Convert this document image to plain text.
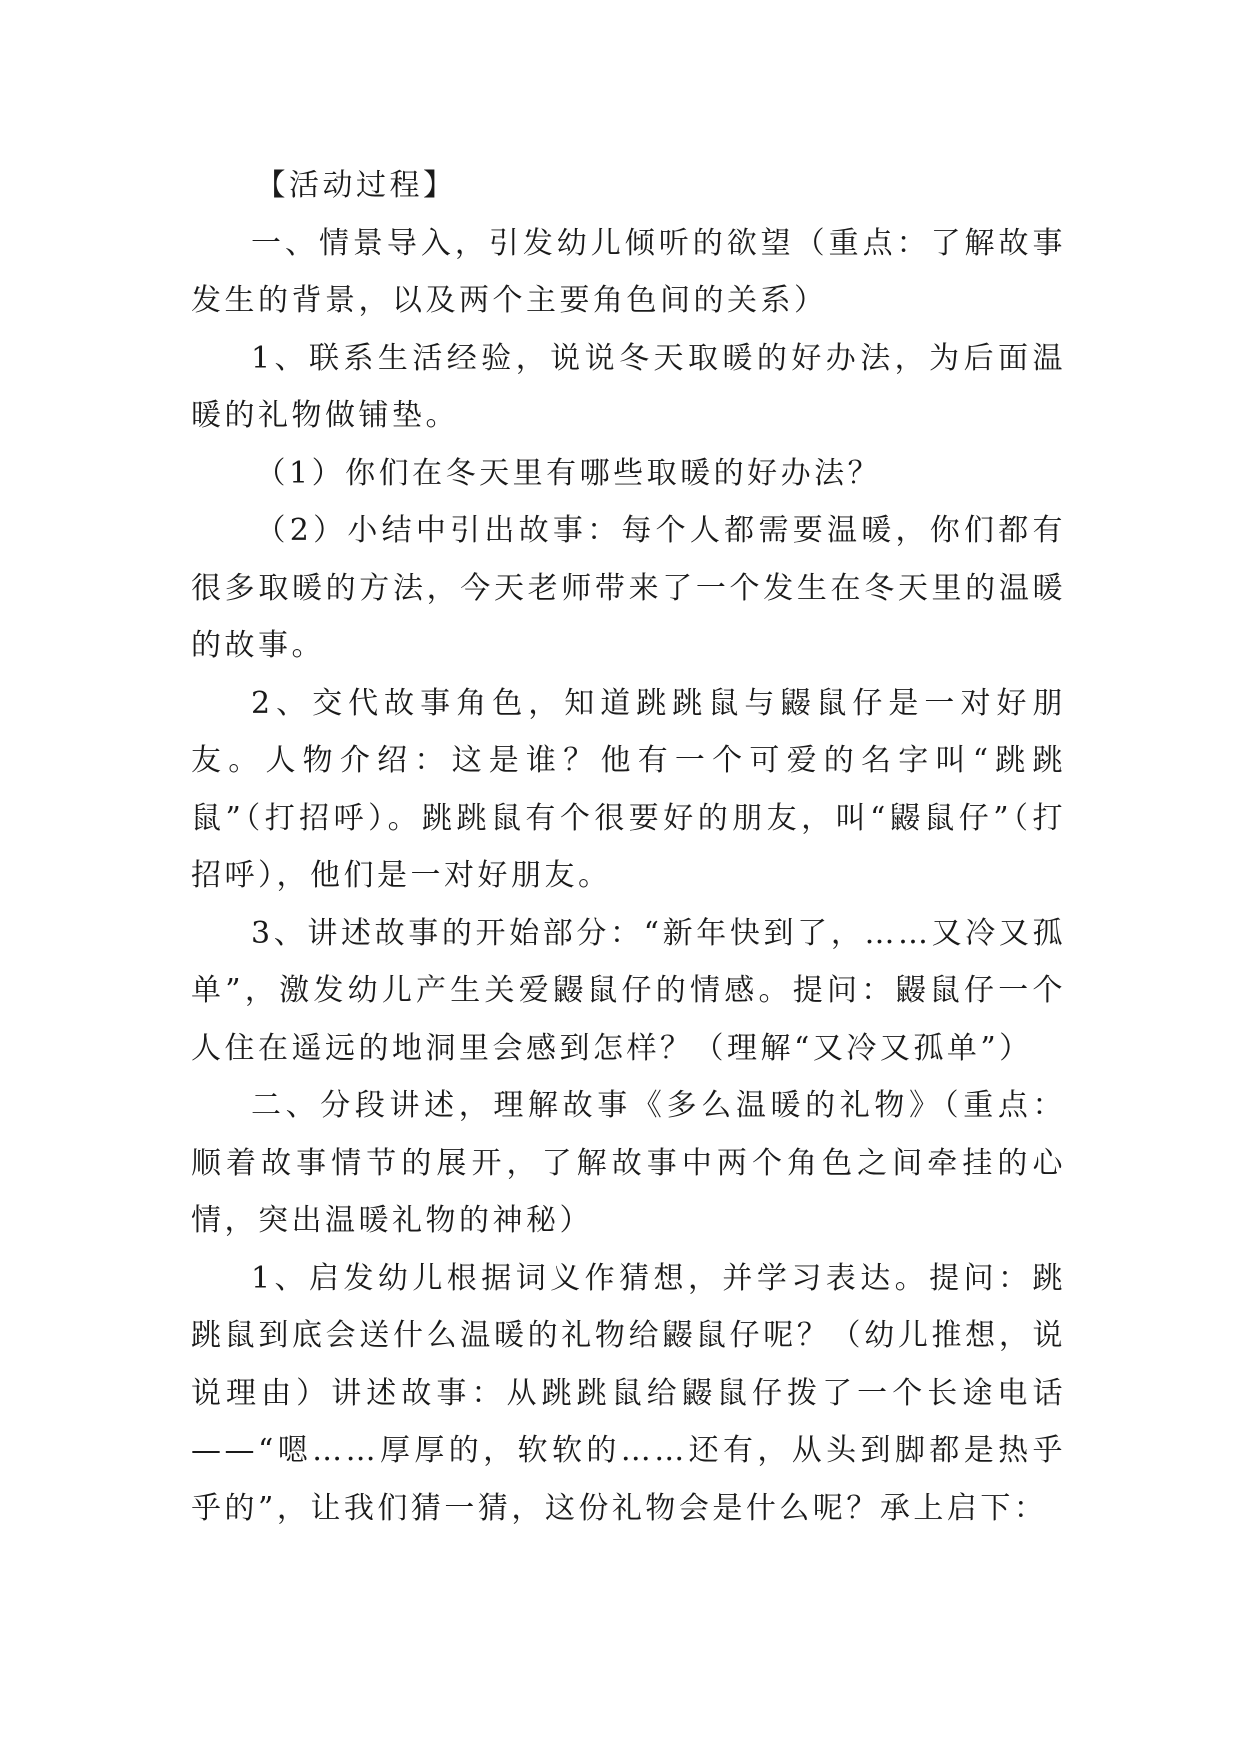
【活动过程】

一、情景导入，引发幼儿倾听的欲望（重点：了解故事发生的背景，以及两个主要角色间的关系）

1、联系生活经验，说说冬天取暖的好办法，为后面温暖的礼物做铺垫。

（1）你们在冬天里有哪些取暖的好办法？

（2）小结中引出故事：每个人都需要温暖，你们都有很多取暖的方法，今天老师带来了一个发生在冬天里的温暖的故事。

2、交代故事角色，知道跳跳鼠与鼹鼠仔是一对好朋友。人物介绍：这是谁？他有一个可爱的名字叫“跳跳鼠”（打招呼）。跳跳鼠有个很要好的朋友，叫“鼹鼠仔”（打招呼），他们是一对好朋友。

3、讲述故事的开始部分：“新年快到了，……又冷又孤单”，激发幼儿产生关爱鼹鼠仔的情感。提问：鼹鼠仔一个人住在遥远的地洞里会感到怎样？（理解“又冷又孤单”）

二、分段讲述，理解故事《多么温暖的礼物》（重点：顺着故事情节的展开，了解故事中两个角色之间牵挂的心情，突出温暖礼物的神秘）

1、启发幼儿根据词义作猜想，并学习表达。提问：跳跳鼠到底会送什么温暖的礼物给鼹鼠仔呢？（幼儿推想，说说理由）讲述故事：从跳跳鼠给鼹鼠仔拨了一个长途电话——“嗯……厚厚的，软软的……还有，从头到脚都是热乎乎的”，让我们猜一猜，这份礼物会是什么呢？承上启下：
